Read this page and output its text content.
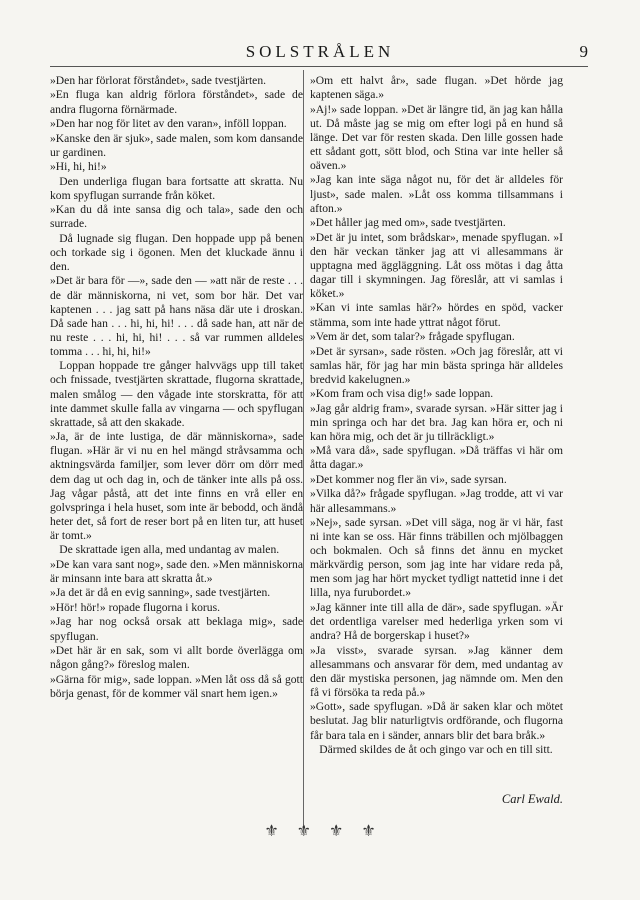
SOLSTRÅLEN	9

»Den har förlorat förståndet», sade tvestjärten.

»En fluga kan aldrig förlora förståndet», sade de andra flugorna förnärmade.

»Den har nog för litet av den varan», inföll loppan.

»Kanske den är sjuk», sade malen, som kom dansande ur gardinen.

»Hi, hi, hi!»

Den underliga flugan bara fortsatte att skratta. Nu kom spyflugan surrande från köket.

»Kan du då inte sansa dig och tala», sade den och surrade.

Då lugnade sig flugan. Den hoppade upp på benen och torkade sig i ögonen. Men det kluckade ännu i den.

»Det är bara för —», sade den — »att när de reste . . . de där människorna, ni vet, som bor här. Det var kaptenen . . . jag satt på hans näsa där ute i droskan. Då sade han . . . hi, hi, hi! . . . då sade han, att när de nu reste . . . hi, hi, hi! . . . så var rummen alldeles tomma . . . hi, hi, hi!»

Loppan hoppade tre gånger halvvägs upp till taket och fnissade, tvestjärten skrattade, flugorna skrattade, malen smålog — den vågade inte storskratta, för att inte dammet skulle falla av vingarna — och spyflugan skrattade, så att den skakade.

»Ja, är de inte lustiga, de där människorna», sade flugan. »Här är vi nu en hel mängd stråvsamma och aktningsvärda familjer, som lever dörr om dörr med dem dag ut och dag in, och de tänker inte alls på oss. Jag vågar påstå, att det inte finns en vrå eller en golvspringa i hela huset, som inte är bebodd, och ändå heter det, så fort de reser bort på en liten tur, att huset är tomt.»

De skrattade igen alla, med undantag av malen.

»De kan vara sant nog», sade den. »Men människorna är minsann inte bara att skratta åt.»

»Ja det är då en evig sanning», sade tvestjärten.

»Hör! hör!» ropade flugorna i korus.

»Jag har nog också orsak att beklaga mig», sade spyflugan.

»Det här är en sak, som vi allt borde överlägga om någon gång?» föreslog malen.

»Gärna för mig», sade loppan. »Men låt oss då så gott börja genast, för de kommer väl snart hem igen.»

»Om ett halvt år», sade flugan. »Det hörde jag kaptenen säga.»

»Aj!» sade loppan. »Det är längre tid, än jag kan hålla ut. Då måste jag se mig om efter logi på en hund så länge. Det var för resten skada. Den lille gossen hade ett sådant gott, sött blod, och Stina var inte heller så oäven.»

»Jag kan inte säga något nu, för det är alldeles för ljust», sade malen. »Låt oss komma tillsammans i afton.»

»Det håller jag med om», sade tvestjärten.

»Det är ju intet, som brådskar», menade spyflugan. »I den här veckan tänker jag att vi allesammans är upptagna med äggläggning. Låt oss mötas i dag åtta dagar till i skymningen. Jag föreslår, att vi samlas i köket.»

»Kan vi inte samlas här?» hördes en spöd, vacker stämma, som inte hade yttrat något förut.

»Vem är det, som talar?» frågade spyflugan.

»Det är syrsan», sade rösten. »Och jag föreslår, att vi samlas här, för jag har min bästa springa här alldeles bredvid kakelugnen.»

»Kom fram och visa dig!» sade loppan.

»Jag går aldrig fram», svarade syrsan. »Här sitter jag i min springa och har det bra. Jag kan höra er, och ni kan höra mig, och det är ju tillräckligt.»

»Må vara då», sade spyflugan. »Då träffas vi här om åtta dagar.»

»Det kommer nog fler än vi», sade syrsan.

»Vilka då?» frågade spyflugan. »Jag trodde, att vi var här allesammans.»

»Nej», sade syrsan. »Det vill säga, nog är vi här, fast ni inte kan se oss. Här finns träbillen och mjölbaggen och bokmalen. Och så finns det ännu en mycket märkvärdig person, som jag inte har vidare reda på, men som jag har hört mycket tydligt nattetid inne i det lilla, nya furubordet.»

»Jag känner inte till alla de där», sade spyflugan. »Är det ordentliga varelser med hederliga yrken som vi andra? Hå de borgerskap i huset?»

»Ja visst», svarade syrsan. »Jag känner dem allesammans och ansvarar för dem, med undantag av den där mystiska personen, jag nämnde om. Men den få vi försöka ta reda på.»

»Gott», sade spyflugan. »Då är saken klar och mötet beslutat. Jag blir naturligtvis ordförande, och flugorna får bara tala en i sänder, annars blir det bara bråk.»

Därmed skildes de åt och gingo var och en till sitt.

Carl Ewald.
⚜ ⚜ ⚜ ⚜
